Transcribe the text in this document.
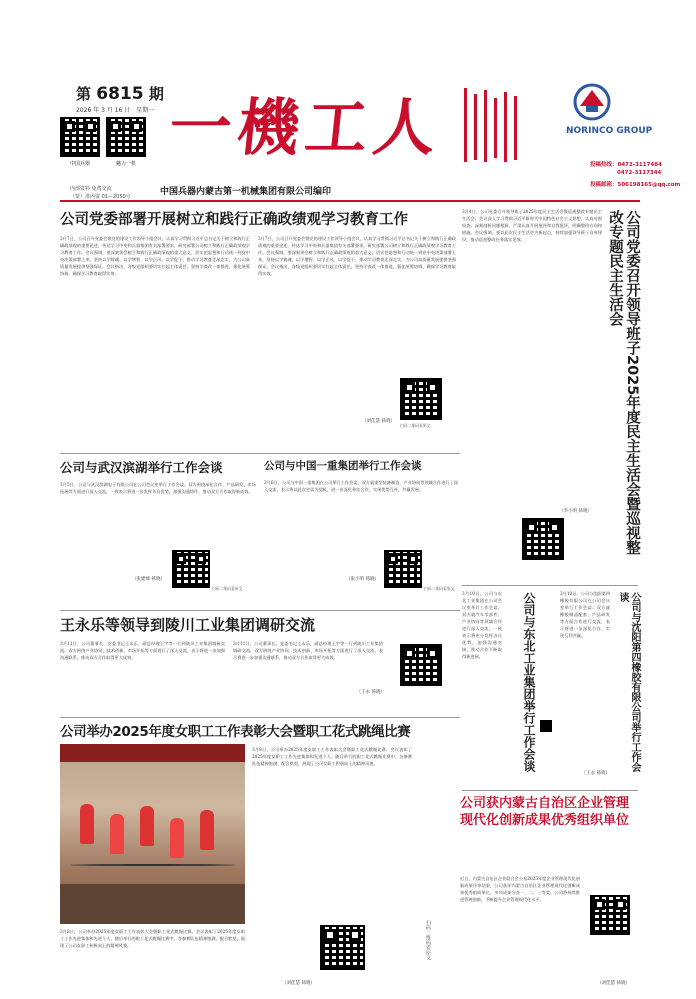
第 6815 期
2026 年 3 月 16 日　星期一
中国兵器	魅力一机
内部资料 免费交流
（蒙）准内资 01—2050号
一機工人	NORINCO GROUP
投稿热线：0472-3117484
0472-3117344
投稿邮箱：506198165@qq.com
中国兵器内蒙古第一机械集团有限公司编印
公司党委部署开展树立和践行正确政绩观学习教育工作
3月7日，公司召开党委会暨党的建设工作领导小组会议，认真学习贯彻习近平总书记关于树立和践行正确政绩观的重要论述，传达学习中央和兵器集团有关部署要求，研究部署公司树立和践行正确政绩观学习教育工作。会议强调，要深刻领会树立和践行正确政绩观的重大意义，切实把思想和行动统一到党中央决策部署上来，坚持以学铸魂、以学增智、以学正风、以学促干，推动学习教育走深走实，为公司高质量发展提供坚强保证。会议指出，各级党组织要切实扛起主体责任，坚持学查改一体推进，强化统筹协调，确保学习教育取得实效。
3月7日，公司召开党委会暨党的建设工作领导小组会议，认真学习贯彻习近平总书记关于树立和践行正确政绩观的重要论述，传达学习中央和兵器集团有关部署要求，研究部署公司树立和践行正确政绩观学习教育工作。会议强调，要深刻领会树立和践行正确政绩观的重大意义，切实把思想和行动统一到党中央决策部署上来，坚持以学铸魂、以学增智、以学正风、以学促干，推动学习教育走深走实，为公司高质量发展提供坚强保证。会议指出，各级党组织要切实扛起主体责任，坚持学查改一体推进，强化统筹协调，确保学习教育取得实效。
（刘佳慧 韩晓）
扫码二维码看原文
公司与武汉滨湖举行工作会谈
3月5日，公司与武汉滨湖电子有限公司在公司会议室举行工作会谈。双方围绕深化合作、产品研发、市场拓展等方面进行深入交流，一致表示将进一步发挥各自优势，加强沟通协作，推动双方合作取得新成效。
（张建峰 韩晓）
扫码二维码看原文
公司与中国一重集团举行工作会谈
3月6日，公司与中国一重集团在公司举行工作会谈。双方就重型装备制造、产业协同等领域合作进行了深入交流，表示将以此次会谈为契机，进一步深化务实合作，实现优势互补、共赢发展。
（张小明 韩晓）
扫码二维码看原文
王永乐等领导到陵川工业集团调研交流
3月11日，公司董事长、党委书记王永乐，副总经理王宇等一行到陵川工业集团调研交流。双方围绕产业协同、技术创新、市场开拓等方面进行了深入交流，表示将进一步加强沟通联系，推动双方合作取得更大成效。
3月11日，公司董事长、党委书记王永乐，副总经理王宇等一行到陵川工业集团调研交流。双方围绕产业协同、技术创新、市场开拓等方面进行了深入交流，表示将进一步加强沟通联系，推动双方合作取得更大成效。
（王永 韩晓）
公司举办2025年度女职工工作表彰大会暨职工花式跳绳比赛
3月8日，公司举办2025年度女职工工作表彰大会暨职工花式跳绳比赛。会议表彰了2025年度女职工工作先进集体和先进个人。随后举行的职工花式跳绳比赛中，各参赛队伍精神饱满、配合默契，展现了公司女职工积极向上的精神风貌。
3月8日，公司举办2025年度女职工工作表彰大会暨职工花式跳绳比赛。会议表彰了2025年度女职工工作先进集体和先进个人。随后举行的职工花式跳绳比赛中，各参赛队伍精神饱满、配合默契，展现了公司女职工积极向上的精神风貌。
（刘佳慧 韩晓）
扫码二维码看原文
3月4日，公司党委召开领导班子2025年度民主生活会暨巡视整改专题民主生活会。会议深入学习贯彻习近平新时代中国特色社会主义思想，认真对照检查，深刻剖析问题根源，严肃认真开展批评和自我批评，明确整改方向和措施。会议强调，要以此次民主生活会为新起点，持续加强领导班子自身建设，推动巡视整改任务落实见效。	公司党委召开领导班子2025年度民主生活会暨巡视整改专题民主生活会
（李小明 韩晓）
3月10日，公司与东北工业集团在公司会议室举行工作会谈。双方就汽车零部件、产业协同等领域合作进行深入交流，一致表示将充分发挥各自优势，加强沟通对接，推动合作不断取得新进展。	公司与东北工业集团举行工作会谈	3月10日，公司与沈阳第四橡胶有限公司在公司会议室举行工作会谈。双方就橡胶制品配套、产品研发等方面合作进行交流，表示将进一步深化合作，实现互利共赢。	公司与沈阳第四橡胶有限公司举行工作会谈
（王永 韩晓）
公司获内蒙古自治区企业管理现代化创新成果优秀组织单位
近日，内蒙古自治区企业联合会公布2025年度企业管理现代化创新成果评审结果，公司获评内蒙古自治区企业管理现代化创新成果优秀组织单位，多项成果分获一、二、三等奖。公司将持续推进管理创新，不断提升企业管理现代化水平。
（刘佳慧 韩晓）
